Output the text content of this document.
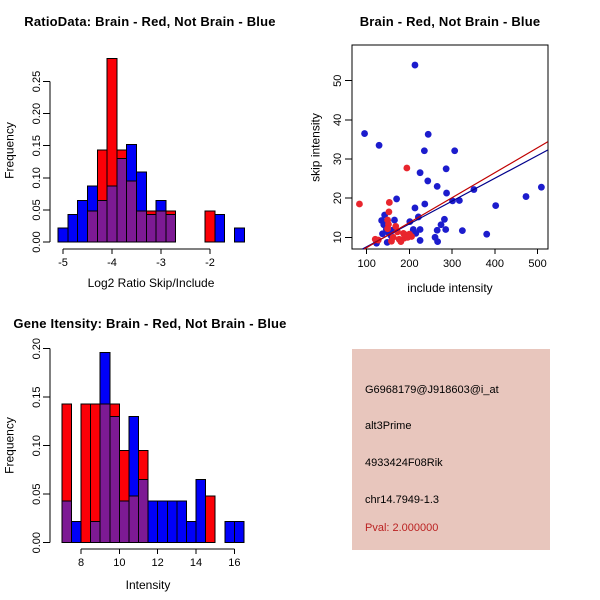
RatioData: Brain - Red, Not Brain - Blue
Frequency
0.00
0.05
0.10
0.15
0.20
0.25
-5	-4	-3	-2
Log2 Ratio Skip/Include
Brain - Red, Not Brain - Blue
skip intensity
100 200 300 400 500
10
20
30
40
50
include intensity
Gene Itensity: Brain - Red, Not Brain - Blue
Frequency
0.00
0.05
0.10
0.15
0.20
8	10 12 14 16
Intensity
G6968179@J918603@i_at
alt3Prime
4933424F08Rik
chr14.7949-1.3
Pval: 2.000000
